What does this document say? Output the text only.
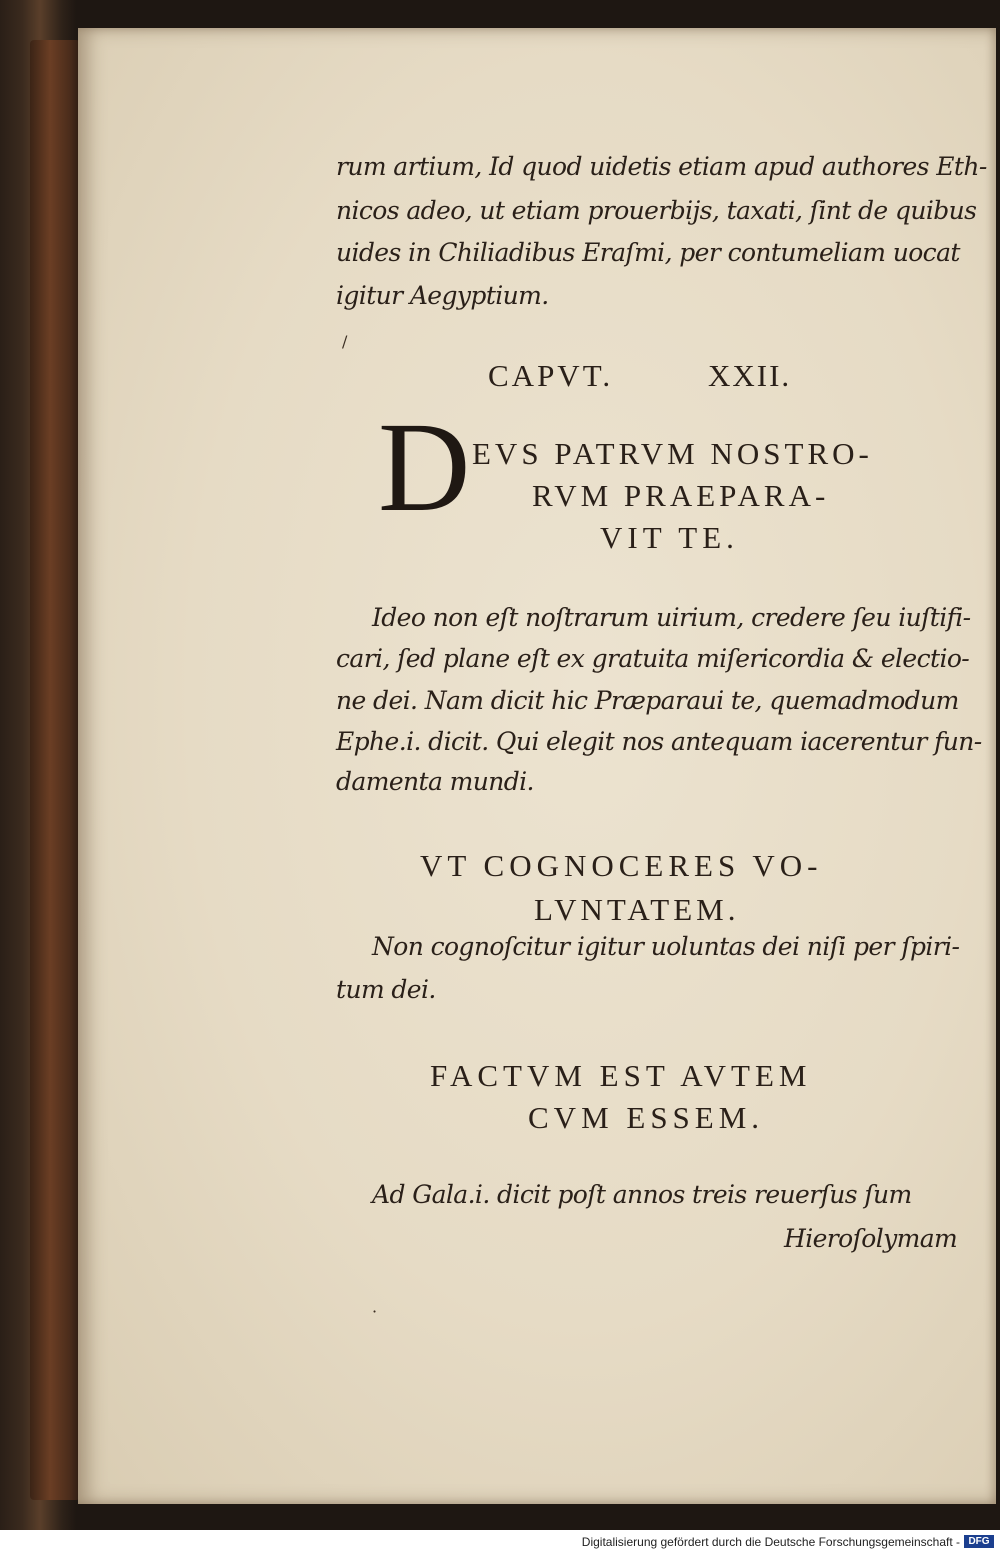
rum artium, Id quod uidetis etiam apud authores Eth-
nicos adeo, ut etiam prouerbijs, taxati, ſint de quibus
uides in Chiliadibus Eraſmi, per contumeliam uocat
igitur Aegyptium.
/
CAPVT.	XXII.
D EVS PATRVM NOSTRO-
RVM PRAEPARA-
VIT TE.
Ideo non eſt noſtrarum uirium, credere ſeu iuſtifi-
cari, ſed plane eſt ex gratuita miſericordia & electio-
ne dei. Nam dicit hic Præparaui te, quemadmodum
Ephe.i. dicit. Qui elegit nos antequam iacerentur fun-
damenta mundi.
VT COGNOCERES VO-
LVNTATEM.
Non cognoſcitur igitur uoluntas dei niſi per ſpiri-
tum dei.
FACTVM EST AVTEM
CVM ESSEM.
Ad Gala.i. dicit poſt annos treis reuerſus ſum
Hieroſolymam
·
Digitalisierung gefördert durch die Deutsche Forschungsgemeinschaft - DFG
